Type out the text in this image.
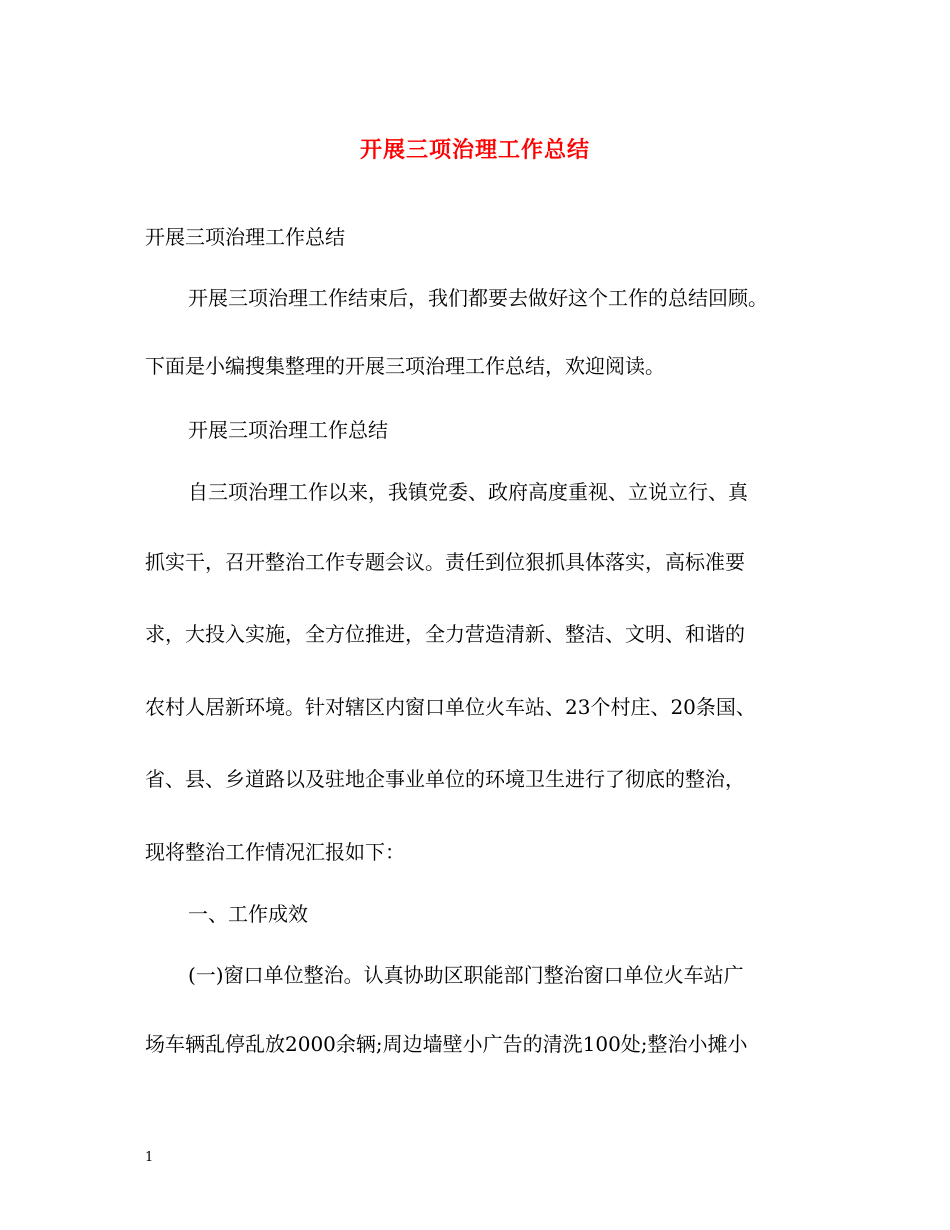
开展三项治理工作总结
开展三项治理工作总结
开展三项治理工作结束后，我们都要去做好这个工作的总结回顾。
下面是小编搜集整理的开展三项治理工作总结，欢迎阅读。
开展三项治理工作总结
自三项治理工作以来，我镇党委、政府高度重视、立说立行、真
抓实干，召开整治工作专题会议。责任到位狠抓具体落实，高标准要
求，大投入实施，全方位推进，全力营造清新、整洁、文明、和谐的
农村人居新环境。针对辖区内窗口单位火车站、23个村庄、20条国、
省、县、乡道路以及驻地企事业单位的环境卫生进行了彻底的整治，
现将整治工作情况汇报如下：
一、工作成效
(一)窗口单位整治。认真协助区职能部门整治窗口单位火车站广
场车辆乱停乱放2000余辆;周边墙壁小广告的清洗100处;整治小摊小
1
